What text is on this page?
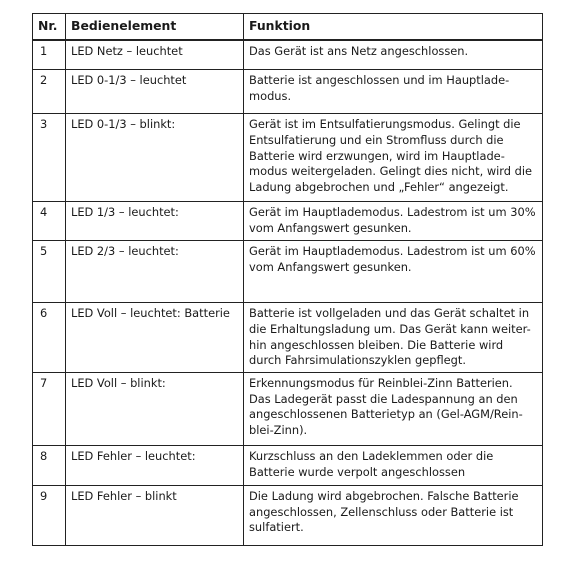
Nr.	Bedienelement	Funktion
1	LED Netz – leuchtet	Das Gerät ist ans Netz angeschlossen.
2	LED 0-1/3 – leuchtet	Batterie ist angeschlossen und im Hauptlade-modus.
3	LED 0-1/3 – blinkt:	Gerät ist im Entsulfatierungsmodus. Gelingt die Entsulfatierung und ein Stromfluss durch die Batterie wird erzwungen, wird im Hauptlade-modus weitergeladen. Gelingt dies nicht, wird die Ladung abgebrochen und „Fehler“ angezeigt.
4	LED 1/3 – leuchtet:	Gerät im Hauptlademodus. Ladestrom ist um 30% vom Anfangswert gesunken.
5	LED 2/3 – leuchtet:	Gerät im Hauptlademodus. Ladestrom ist um 60% vom Anfangswert gesunken.
6	LED Voll – leuchtet: Batterie	Batterie ist vollgeladen und das Gerät schaltet in die Erhaltungsladung um. Das Gerät kann weiter-hin angeschlossen bleiben. Die Batterie wird durch Fahrsimulationszyklen gepflegt.
7	LED Voll – blinkt:	Erkennungsmodus für Reinblei-Zinn Batterien. Das Ladegerät passt die Ladespannung an den angeschlossenen Batterietyp an (Gel-AGM/Rein-blei-Zinn).
8	LED Fehler – leuchtet:	Kurzschluss an den Ladeklemmen oder die Batterie wurde verpolt angeschlossen
9	LED Fehler – blinkt	Die Ladung wird abgebrochen. Falsche Batterie angeschlossen, Zellenschluss oder Batterie ist sulfatiert.
